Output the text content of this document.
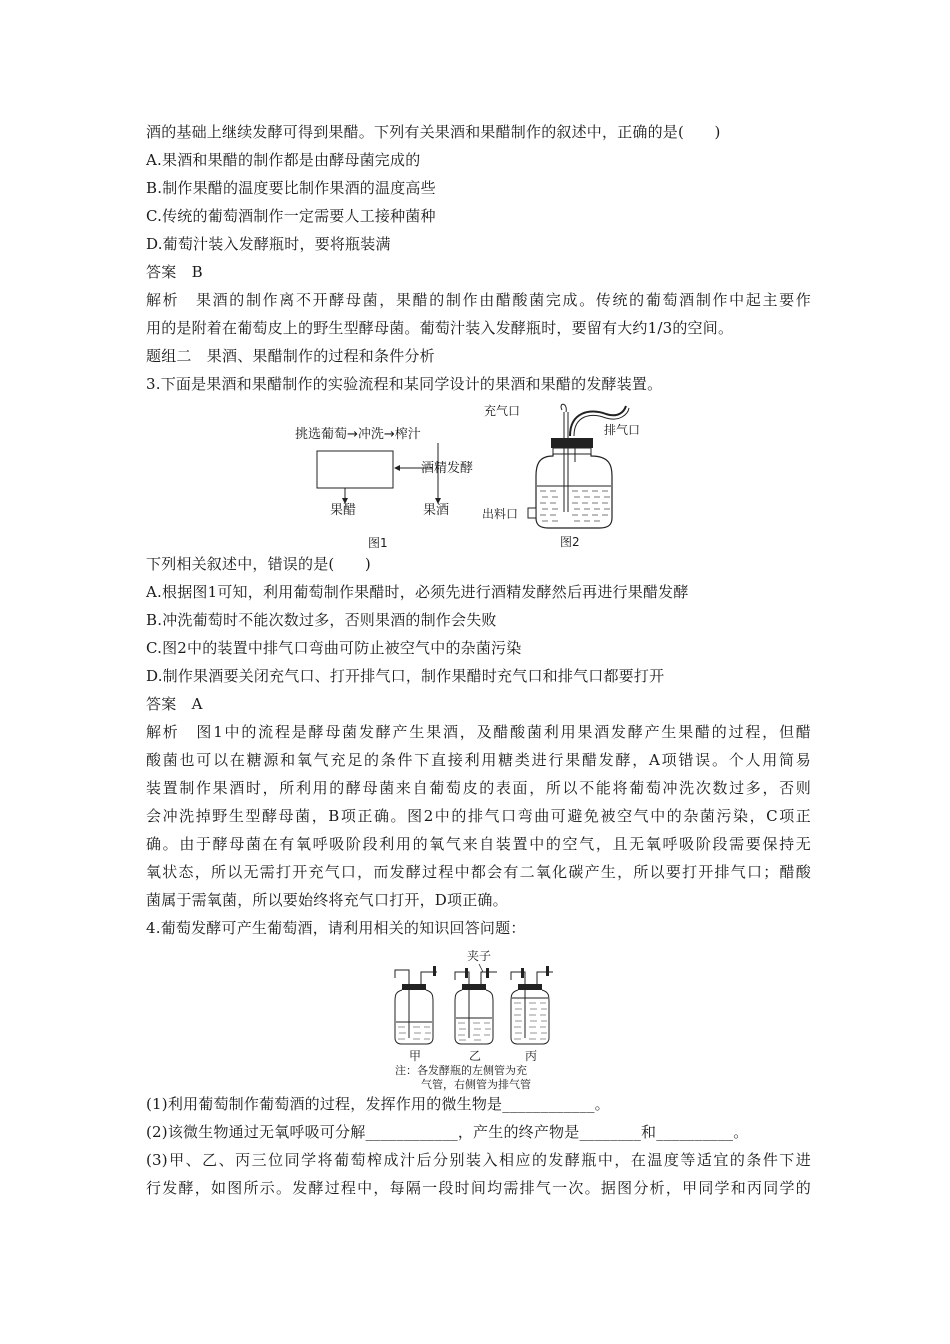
酒的基础上继续发酵可得到果醋。下列有关果酒和果醋制作的叙述中，正确的是(　　)
A.果酒和果醋的制作都是由酵母菌完成的
B.制作果醋的温度要比制作果酒的温度高些
C.传统的葡萄酒制作一定需要人工接种菌种
D.葡萄汁装入发酵瓶时，要将瓶装满
答案　B
解析　果酒的制作离不开酵母菌，果醋的制作由醋酸菌完成。传统的葡萄酒制作中起主要作
用的是附着在葡萄皮上的野生型酵母菌。葡萄汁装入发酵瓶时，要留有大约1/3的空间。
题组二　果酒、果醋制作的过程和条件分析
3.下面是果酒和果醋制作的实验流程和某同学设计的果酒和果醋的发酵装置。
挑选葡萄→冲洗→榨汁
酒精发酵
果醋	果酒
图1
充气口
排气口
出料口
图2
下列相关叙述中，错误的是(　　)
A.根据图1可知，利用葡萄制作果醋时，必须先进行酒精发酵然后再进行果醋发酵
B.冲洗葡萄时不能次数过多，否则果酒的制作会失败
C.图2中的装置中排气口弯曲可防止被空气中的杂菌污染
D.制作果酒要关闭充气口、打开排气口，制作果醋时充气口和排气口都要打开
答案　A
解析　图1中的流程是酵母菌发酵产生果酒，及醋酸菌利用果酒发酵产生果醋的过程，但醋
酸菌也可以在糖源和氧气充足的条件下直接利用糖类进行果醋发酵，A项错误。个人用简易
装置制作果酒时，所利用的酵母菌来自葡萄皮的表面，所以不能将葡萄冲洗次数过多，否则
会冲洗掉野生型酵母菌，B项正确。图2中的排气口弯曲可避免被空气中的杂菌污染，C项正
确。由于酵母菌在有氧呼吸阶段利用的氧气来自装置中的空气，且无氧呼吸阶段需要保持无
氧状态，所以无需打开充气口，而发酵过程中都会有二氧化碳产生，所以要打开排气口；醋酸
菌属于需氧菌，所以要始终将充气口打开，D项正确。
4.葡萄发酵可产生葡萄酒，请利用相关的知识回答问题：
夹子
甲	乙	丙
注：各发酵瓶的左侧管为充
气管，右侧管为排气管
(1)利用葡萄制作葡萄酒的过程，发挥作用的微生物是____________。
(2)该微生物通过无氧呼吸可分解____________，产生的终产物是________和__________。
(3)甲、乙、丙三位同学将葡萄榨成汁后分别装入相应的发酵瓶中，在温度等适宜的条件下进
行发酵，如图所示。发酵过程中，每隔一段时间均需排气一次。据图分析，甲同学和丙同学的
